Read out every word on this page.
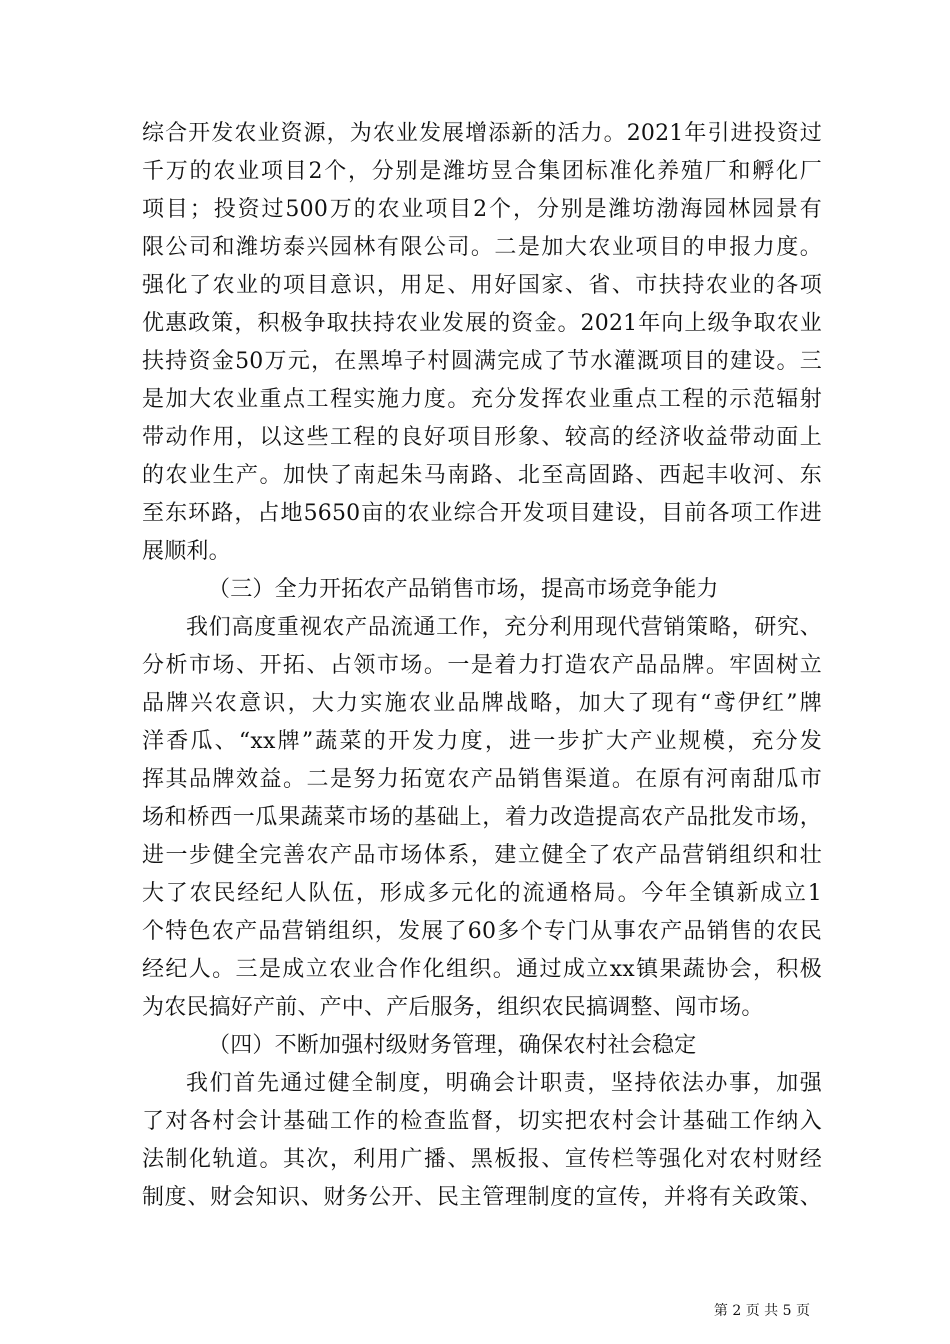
综合开发农业资源，为农业发展增添新的活力。2021年引进投资过
千万的农业项目2个，分别是潍坊昱合集团标准化养殖厂和孵化厂
项目；投资过500万的农业项目2个，分别是潍坊渤海园林园景有
限公司和潍坊泰兴园林有限公司。二是加大农业项目的申报力度。
强化了农业的项目意识，用足、用好国家、省、市扶持农业的各项
优惠政策，积极争取扶持农业发展的资金。2021年向上级争取农业
扶持资金50万元，在黑埠子村圆满完成了节水灌溉项目的建设。三
是加大农业重点工程实施力度。充分发挥农业重点工程的示范辐射
带动作用，以这些工程的良好项目形象、较高的经济收益带动面上
的农业生产。加快了南起朱马南路、北至高固路、西起丰收河、东
至东环路，占地5650亩的农业综合开发项目建设，目前各项工作进
展顺利。
（三）全力开拓农产品销售市场，提高市场竞争能力
我们高度重视农产品流通工作，充分利用现代营销策略，研究、
分析市场、开拓、占领市场。一是着力打造农产品品牌。牢固树立
品牌兴农意识，大力实施农业品牌战略，加大了现有“鸢伊红”牌
洋香瓜、“xx牌”蔬菜的开发力度，进一步扩大产业规模，充分发
挥其品牌效益。二是努力拓宽农产品销售渠道。在原有河南甜瓜市
场和桥西一瓜果蔬菜市场的基础上，着力改造提高农产品批发市场，
进一步健全完善农产品市场体系，建立健全了农产品营销组织和壮
大了农民经纪人队伍，形成多元化的流通格局。今年全镇新成立1
个特色农产品营销组织，发展了60多个专门从事农产品销售的农民
经纪人。三是成立农业合作化组织。通过成立xx镇果蔬协会，积极
为农民搞好产前、产中、产后服务，组织农民搞调整、闯市场。
（四）不断加强村级财务管理，确保农村社会稳定
我们首先通过健全制度，明确会计职责，坚持依法办事，加强
了对各村会计基础工作的检查监督，切实把农村会计基础工作纳入
法制化轨道。其次，利用广播、黑板报、宣传栏等强化对农村财经
制度、财会知识、财务公开、民主管理制度的宣传，并将有关政策、
第 2 页 共 5 页
